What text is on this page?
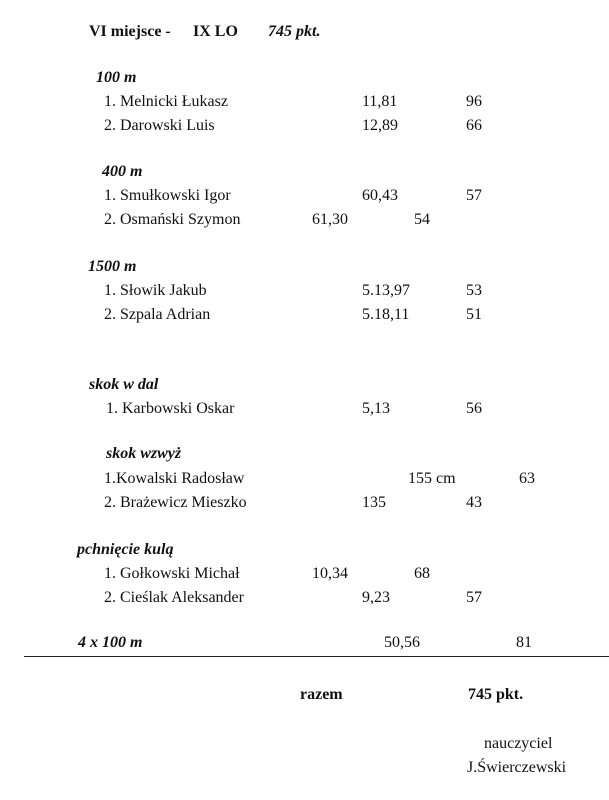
VI miejsce - IX LO 745 pkt.
100 m
1. Melnicki Łukasz	11,81	96
2. Darowski Luis	12,89	66
400 m
1. Smułkowski Igor	60,43	57
2. Osmański Szymon	61,30	54
1500 m
1. Słowik Jakub	5.13,97	53
2. Szpala Adrian	5.18,11	51
skok w dal
1. Karbowski Oskar	5,13	56
skok wzwyż
1.Kowalski Radosław	155 cm	63
2. Brażewicz Mieszko	135	43
pchnięcie kulą
1. Gołkowski Michał	10,34	68
2. Cieślak Aleksander	9,23	57
4 x 100 m	50,56	81
razem	745 pkt.
nauczyciel
J.Świerczewski
